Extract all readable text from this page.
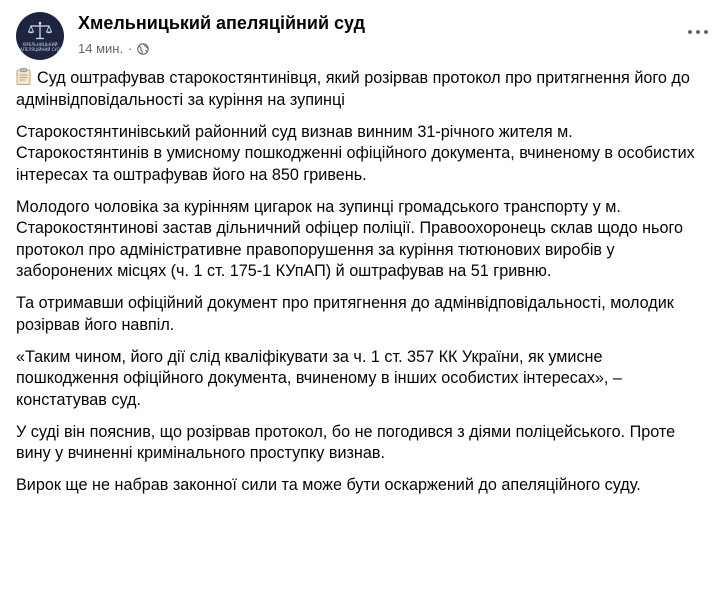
ХМЕЛЬНИЦЬКИЙ
АПЕЛЯЦІЙНИЙ СУД
Хмельницький апеляційний суд
14 мин. ·

Суд оштрафував старокостянтинівця, який розірвав протокол про притягнення його до адмінвідповідальності за куріння на зупинці

Старокостянтинівський районний суд визнав винним 31-річного жителя м. Старокостянтинів в умисному пошкодженні офіційного документа, вчиненому в особистих інтересах та оштрафував його на 850 гривень.

Молодого чоловіка за курінням цигарок на зупинці громадського транспорту у м. Старокостянтинові застав дільничний офіцер поліції. Правоохоронець склав щодо нього протокол про адміністративне правопорушення за куріння тютюнових виробів у заборонених місцях (ч. 1 ст. 175-1 КУпАП) й оштрафував на 51 гривню.

Та отримавши офіційний документ про притягнення до адмінвідповідальності, молодик розірвав його навпіл.

«Таким чином, його дії слід кваліфікувати за ч. 1 ст. 357 КК України, як умисне пошкодження офіційного документа, вчиненому в інших особистих інтересах», – констатував суд.

У суді він пояснив, що розірвав протокол, бо не погодився з діями поліцейського. Проте вину у вчиненні кримінального проступку визнав.

Вирок ще не набрав законної сили та може бути оскаржений до апеляційного суду.
